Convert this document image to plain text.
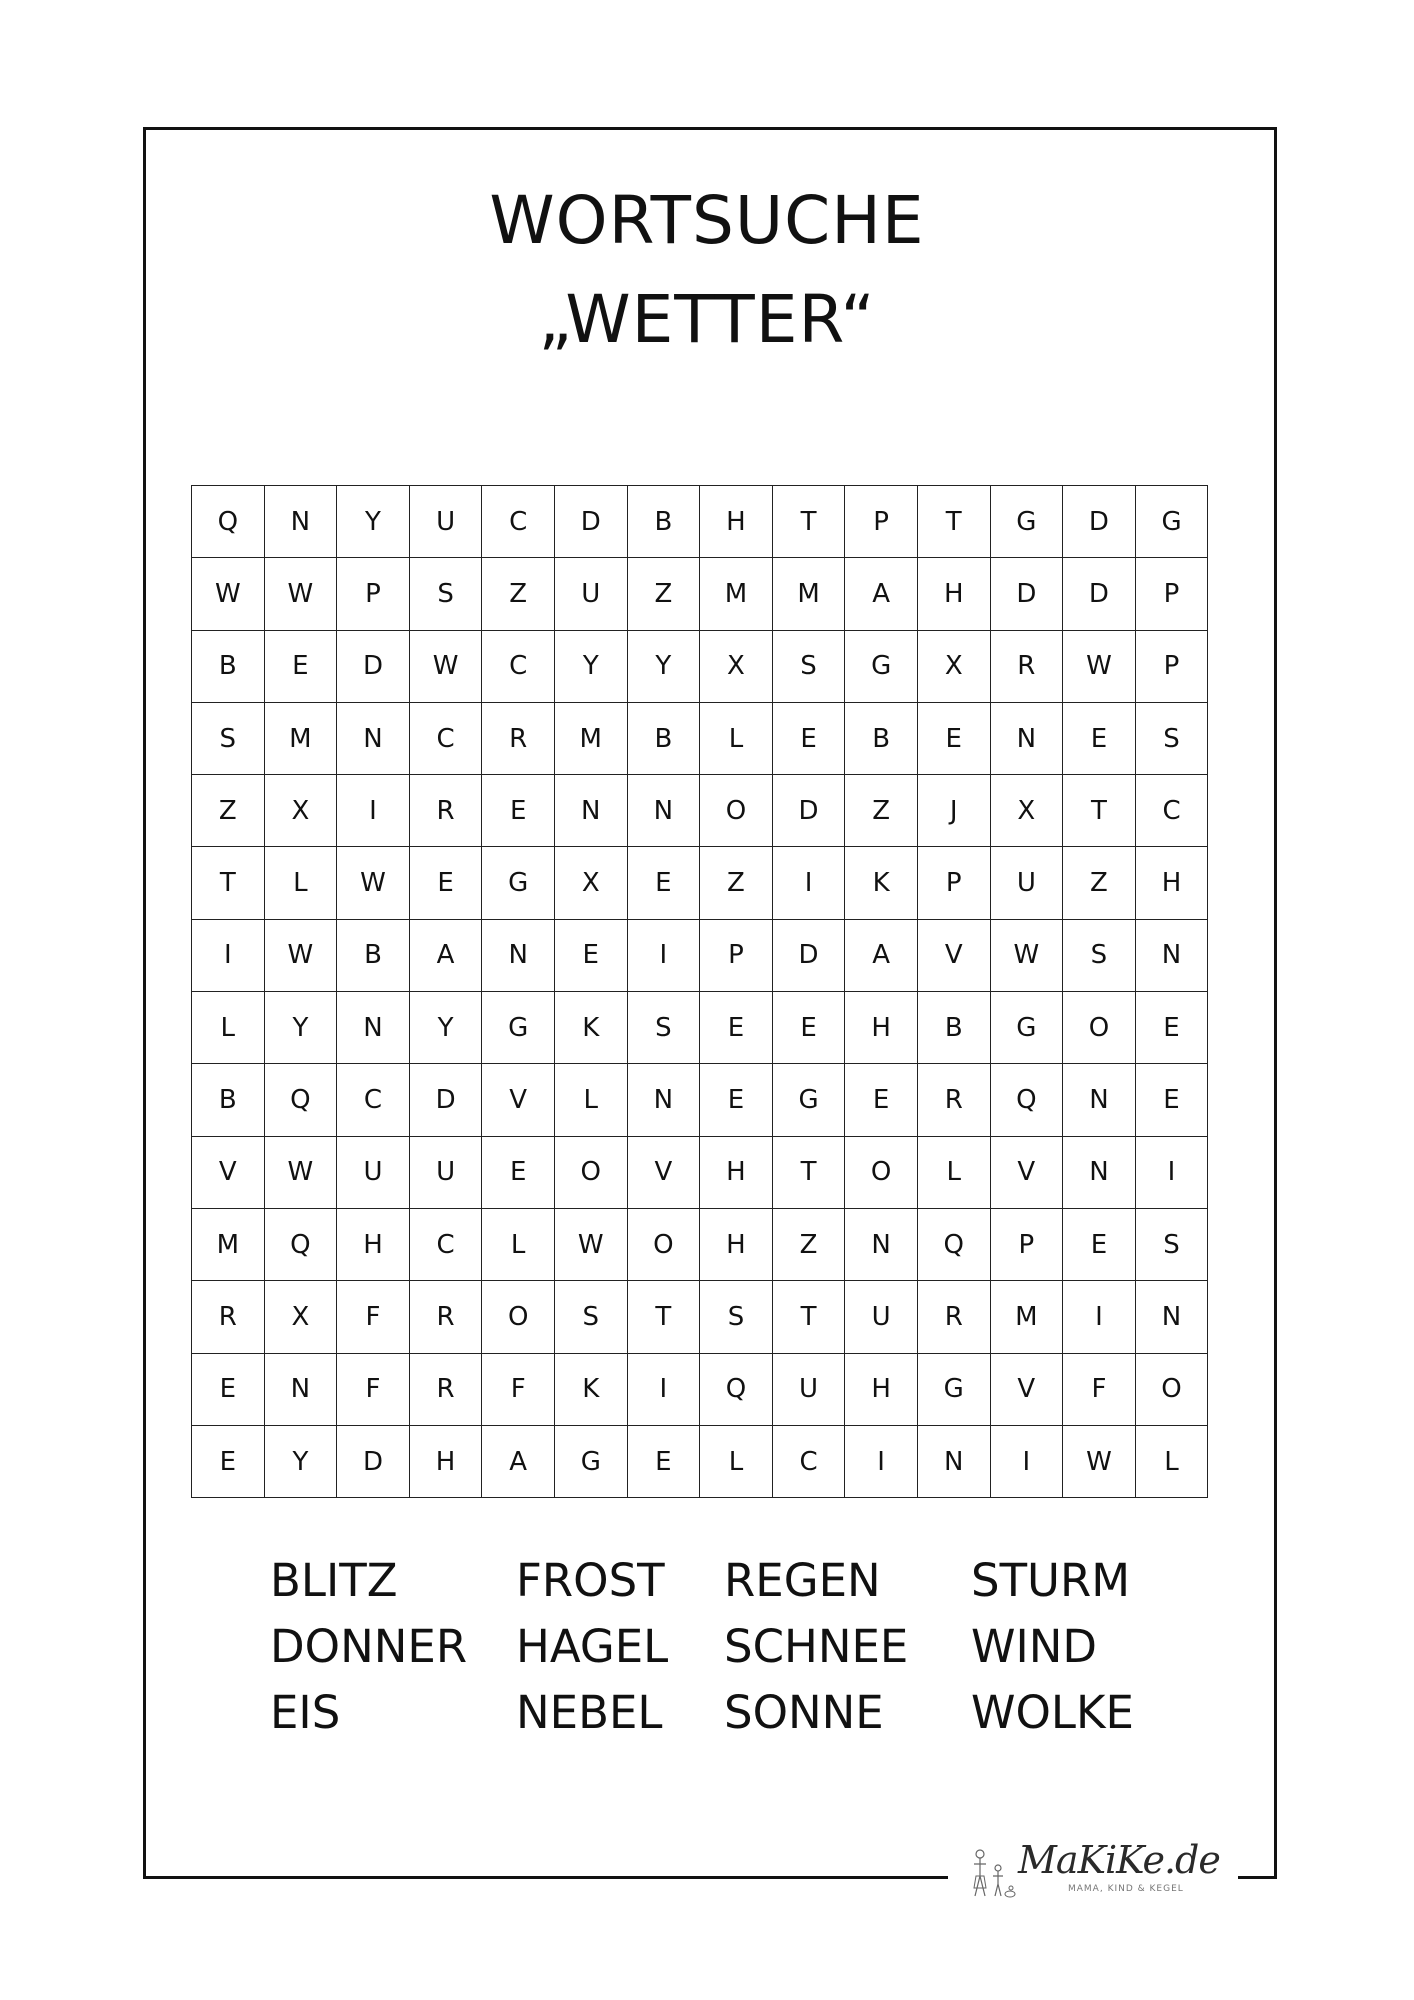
WORTSUCHE
„WETTER“
Q	N	Y	U	C	D	B	H	T	P	T	G	D	G
W	W	P	S	Z	U	Z	M	M	A	H	D	D	P
B	E	D	W	C	Y	Y	X	S	G	X	R	W	P
S	M	N	C	R	M	B	L	E	B	E	N	E	S
Z	X	I	R	E	N	N	O	D	Z	J	X	T	C
T	L	W	E	G	X	E	Z	I	K	P	U	Z	H
I	W	B	A	N	E	I	P	D	A	V	W	S	N
L	Y	N	Y	G	K	S	E	E	H	B	G	O	E
B	Q	C	D	V	L	N	E	G	E	R	Q	N	E
V	W	U	U	E	O	V	H	T	O	L	V	N	I
M	Q	H	C	L	W	O	H	Z	N	Q	P	E	S
R	X	F	R	O	S	T	S	T	U	R	M	I	N
E	N	F	R	F	K	I	Q	U	H	G	V	F	O
E	Y	D	H	A	G	E	L	C	I	N	I	W	L
BLITZ
DONNER
EIS
FROST
HAGEL
NEBEL
REGEN
SCHNEE
SONNE
STURM
WIND
WOLKE
MaKiKe.de
MAMA, KIND & KEGEL
